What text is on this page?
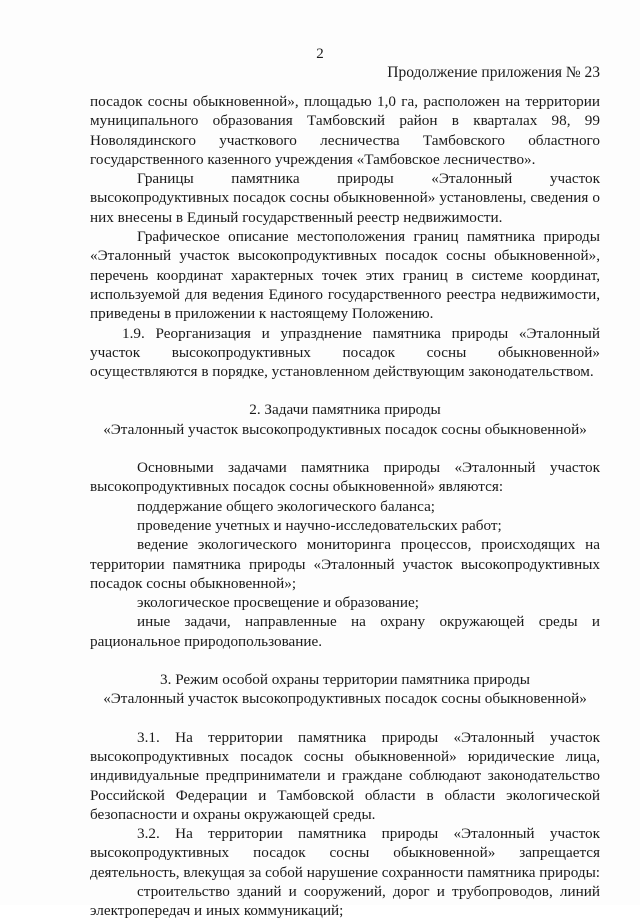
2
Продолжение приложения № 23

посадок сосны обыкновенной», площадью 1,0 га, расположен на территории муниципального образования Тамбовский район в кварталах 98, 99 Новолядинского участкового лесничества Тамбовского областного государственного казенного учреждения «Тамбовское лесничество».

Границы памятника природы «Эталонный участок высокопродуктивных посадок сосны обыкновенной» установлены, сведения о них внесены в Единый государственный реестр недвижимости.

Графическое описание местоположения границ памятника природы «Эталонный участок высокопродуктивных посадок сосны обыкновенной», перечень координат характерных точек этих границ в системе координат, используемой для ведения Единого государственного реестра недвижимости, приведены в приложении к настоящему Положению.

1.9. Реорганизация и упразднение памятника природы «Эталонный участок высокопродуктивных посадок сосны обыкновенной» осуществляются в порядке, установленном действующим законодательством.

2. Задачи памятника природы

«Эталонный участок высокопродуктивных посадок сосны обыкновенной»

Основными задачами памятника природы «Эталонный участок высокопродуктивных посадок сосны обыкновенной» являются:

поддержание общего экологического баланса;

проведение учетных и научно-исследовательских работ;

ведение экологического мониторинга процессов, происходящих на территории памятника природы «Эталонный участок высокопродуктивных посадок сосны обыкновенной»;

экологическое просвещение и образование;

иные задачи, направленные на охрану окружающей среды и рациональное природопользование.

3. Режим особой охраны территории памятника природы

«Эталонный участок высокопродуктивных посадок сосны обыкновенной»

3.1. На территории памятника природы «Эталонный участок высокопродуктивных посадок сосны обыкновенной» юридические лица, индивидуальные предприниматели и граждане соблюдают законодательство Российской Федерации и Тамбовской области в области экологической безопасности и охраны окружающей среды.

3.2. На территории памятника природы «Эталонный участок высокопродуктивных посадок сосны обыкновенной» запрещается деятельность, влекущая за собой нарушение сохранности памятника природы:

строительство зданий и сооружений, дорог и трубопроводов, линий электропередач и иных коммуникаций;
